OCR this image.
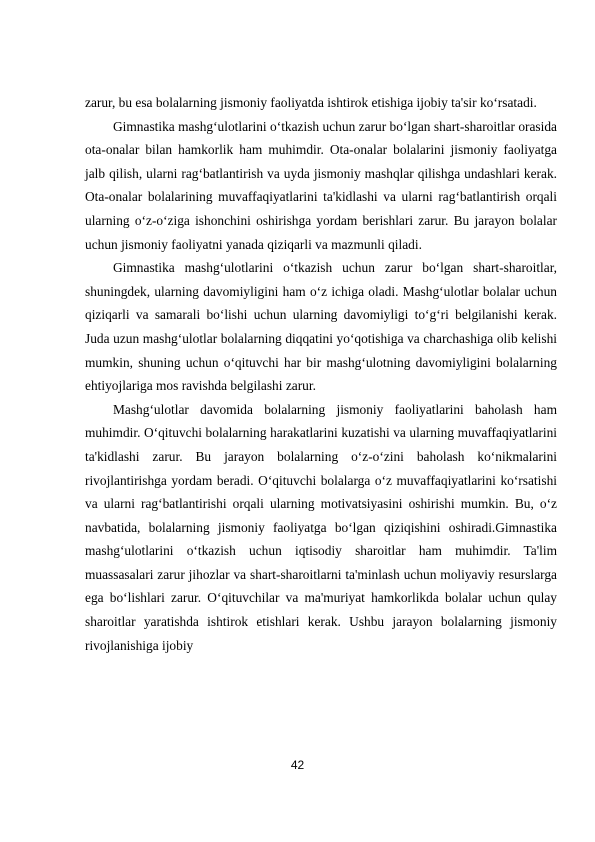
zarur, bu esa bolalarning jismoniy faoliyatda ishtirok etishiga ijobiy ta'sir ko‘rsatadi.

Gimnastika mashg‘ulotlarini o‘tkazish uchun zarur bo‘lgan shart-sharoitlar orasida ota-onalar bilan hamkorlik ham muhimdir. Ota-onalar bolalarini jismoniy faoliyatga jalb qilish, ularni rag‘batlantirish va uyda jismoniy mashqlar qilishga undashlari kerak. Ota-onalar bolalarining muvaffaqiyatlarini ta'kidlashi va ularni rag‘batlantirish orqali ularning o‘z-o‘ziga ishonchini oshirishga yordam berishlari zarur. Bu jarayon bolalar uchun jismoniy faoliyatni yanada qiziqarli va mazmunli qiladi.

Gimnastika mashg‘ulotlarini o‘tkazish uchun zarur bo‘lgan shart-sharoitlar, shuningdek, ularning davomiyligini ham o‘z ichiga oladi. Mashg‘ulotlar bolalar uchun qiziqarli va samarali bo‘lishi uchun ularning davomiyligi to‘g‘ri belgilanishi kerak. Juda uzun mashg‘ulotlar bolalarning diqqatini yo‘qotishiga va charchashiga olib kelishi mumkin, shuning uchun o‘qituvchi har bir mashg‘ulotning davomiyligini bolalarning ehtiyojlariga mos ravishda belgilashi zarur.

Mashg‘ulotlar davomida bolalarning jismoniy faoliyatlarini baholash ham muhimdir. O‘qituvchi bolalarning harakatlarini kuzatishi va ularning muvaffaqiyatlarini ta'kidlashi zarur. Bu jarayon bolalarning o‘z-o‘zini baholash ko‘nikmalarini rivojlantirishga yordam beradi. O‘qituvchi bolalarga o‘z muvaffaqiyatlarini ko‘rsatishi va ularni rag‘batlantirishi orqali ularning motivatsiyasini oshirishi mumkin. Bu, o‘z navbatida, bolalarning jismoniy faoliyatga bo‘lgan qiziqishini oshiradi.Gimnastika mashg‘ulotlarini o‘tkazish uchun iqtisodiy sharoitlar ham muhimdir. Ta'lim muassasalari zarur jihozlar va shart-sharoitlarni ta'minlash uchun moliyaviy resurslarga ega bo‘lishlari zarur. O‘qituvchilar va ma'muriyat hamkorlikda bolalar uchun qulay sharoitlar yaratishda ishtirok etishlari kerak. Ushbu jarayon bolalarning jismoniy rivojlanishiga ijobiy

42
